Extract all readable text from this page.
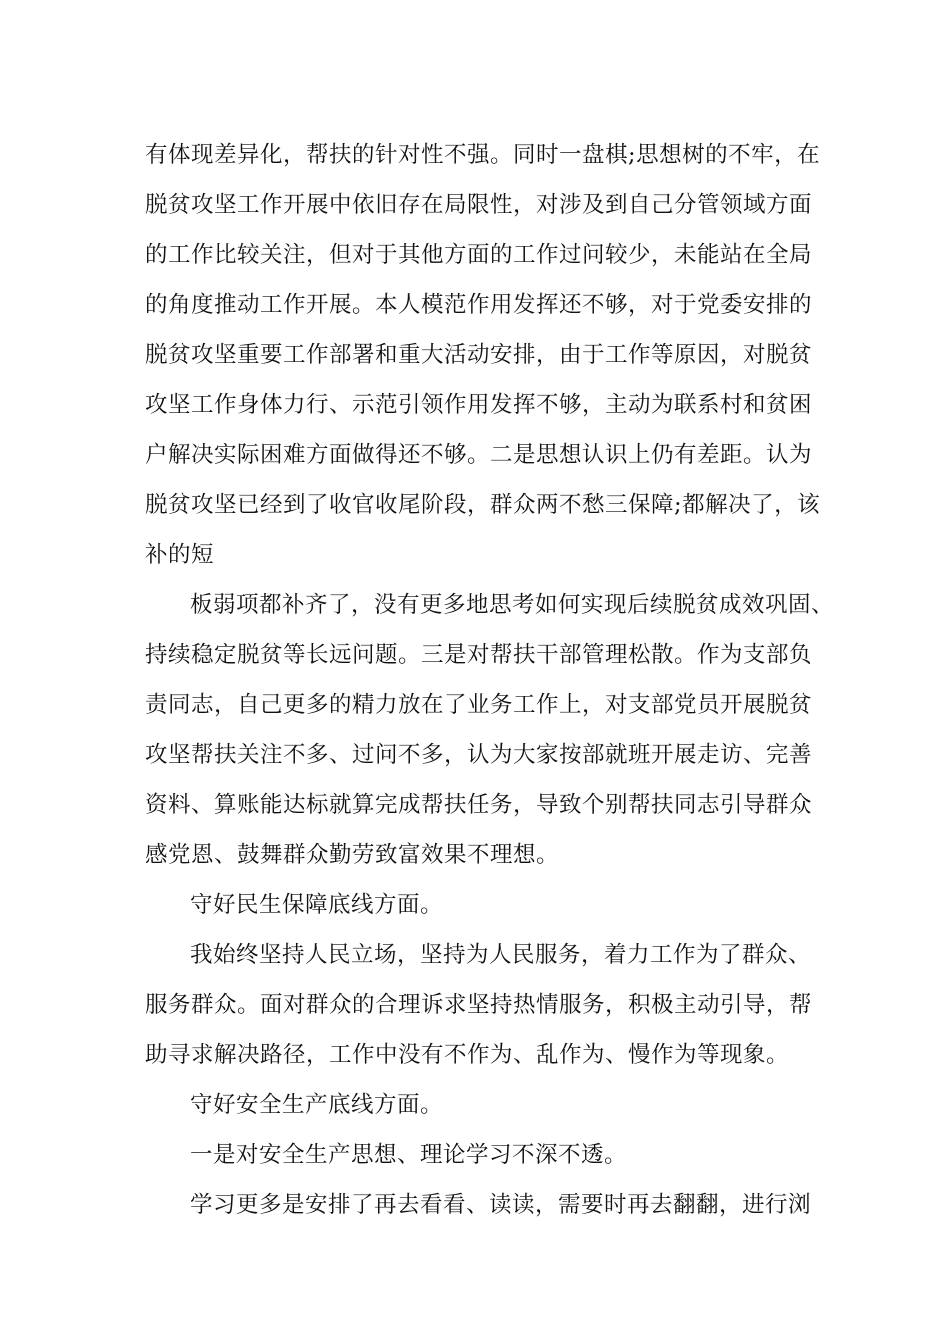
有体现差异化，帮扶的针对性不强。同时一盘棋;思想树的不牢，在
脱贫攻坚工作开展中依旧存在局限性，对涉及到自己分管领域方面
的工作比较关注，但对于其他方面的工作过问较少，未能站在全局
的角度推动工作开展。本人模范作用发挥还不够，对于党委安排的
脱贫攻坚重要工作部署和重大活动安排，由于工作等原因，对脱贫
攻坚工作身体力行、示范引领作用发挥不够，主动为联系村和贫困
户解决实际困难方面做得还不够。二是思想认识上仍有差距。认为
脱贫攻坚已经到了收官收尾阶段，群众两不愁三保障;都解决了，该
补的短
板弱项都补齐了，没有更多地思考如何实现后续脱贫成效巩固、
持续稳定脱贫等长远问题。三是对帮扶干部管理松散。作为支部负
责同志，自己更多的精力放在了业务工作上，对支部党员开展脱贫
攻坚帮扶关注不多、过问不多，认为大家按部就班开展走访、完善
资料、算账能达标就算完成帮扶任务，导致个别帮扶同志引导群众
感党恩、鼓舞群众勤劳致富效果不理想。
守好民生保障底线方面。
我始终坚持人民立场，坚持为人民服务，着力工作为了群众、
服务群众。面对群众的合理诉求坚持热情服务，积极主动引导，帮
助寻求解决路径，工作中没有不作为、乱作为、慢作为等现象。
守好安全生产底线方面。
一是对安全生产思想、理论学习不深不透。
学习更多是安排了再去看看、读读，需要时再去翻翻，进行浏
